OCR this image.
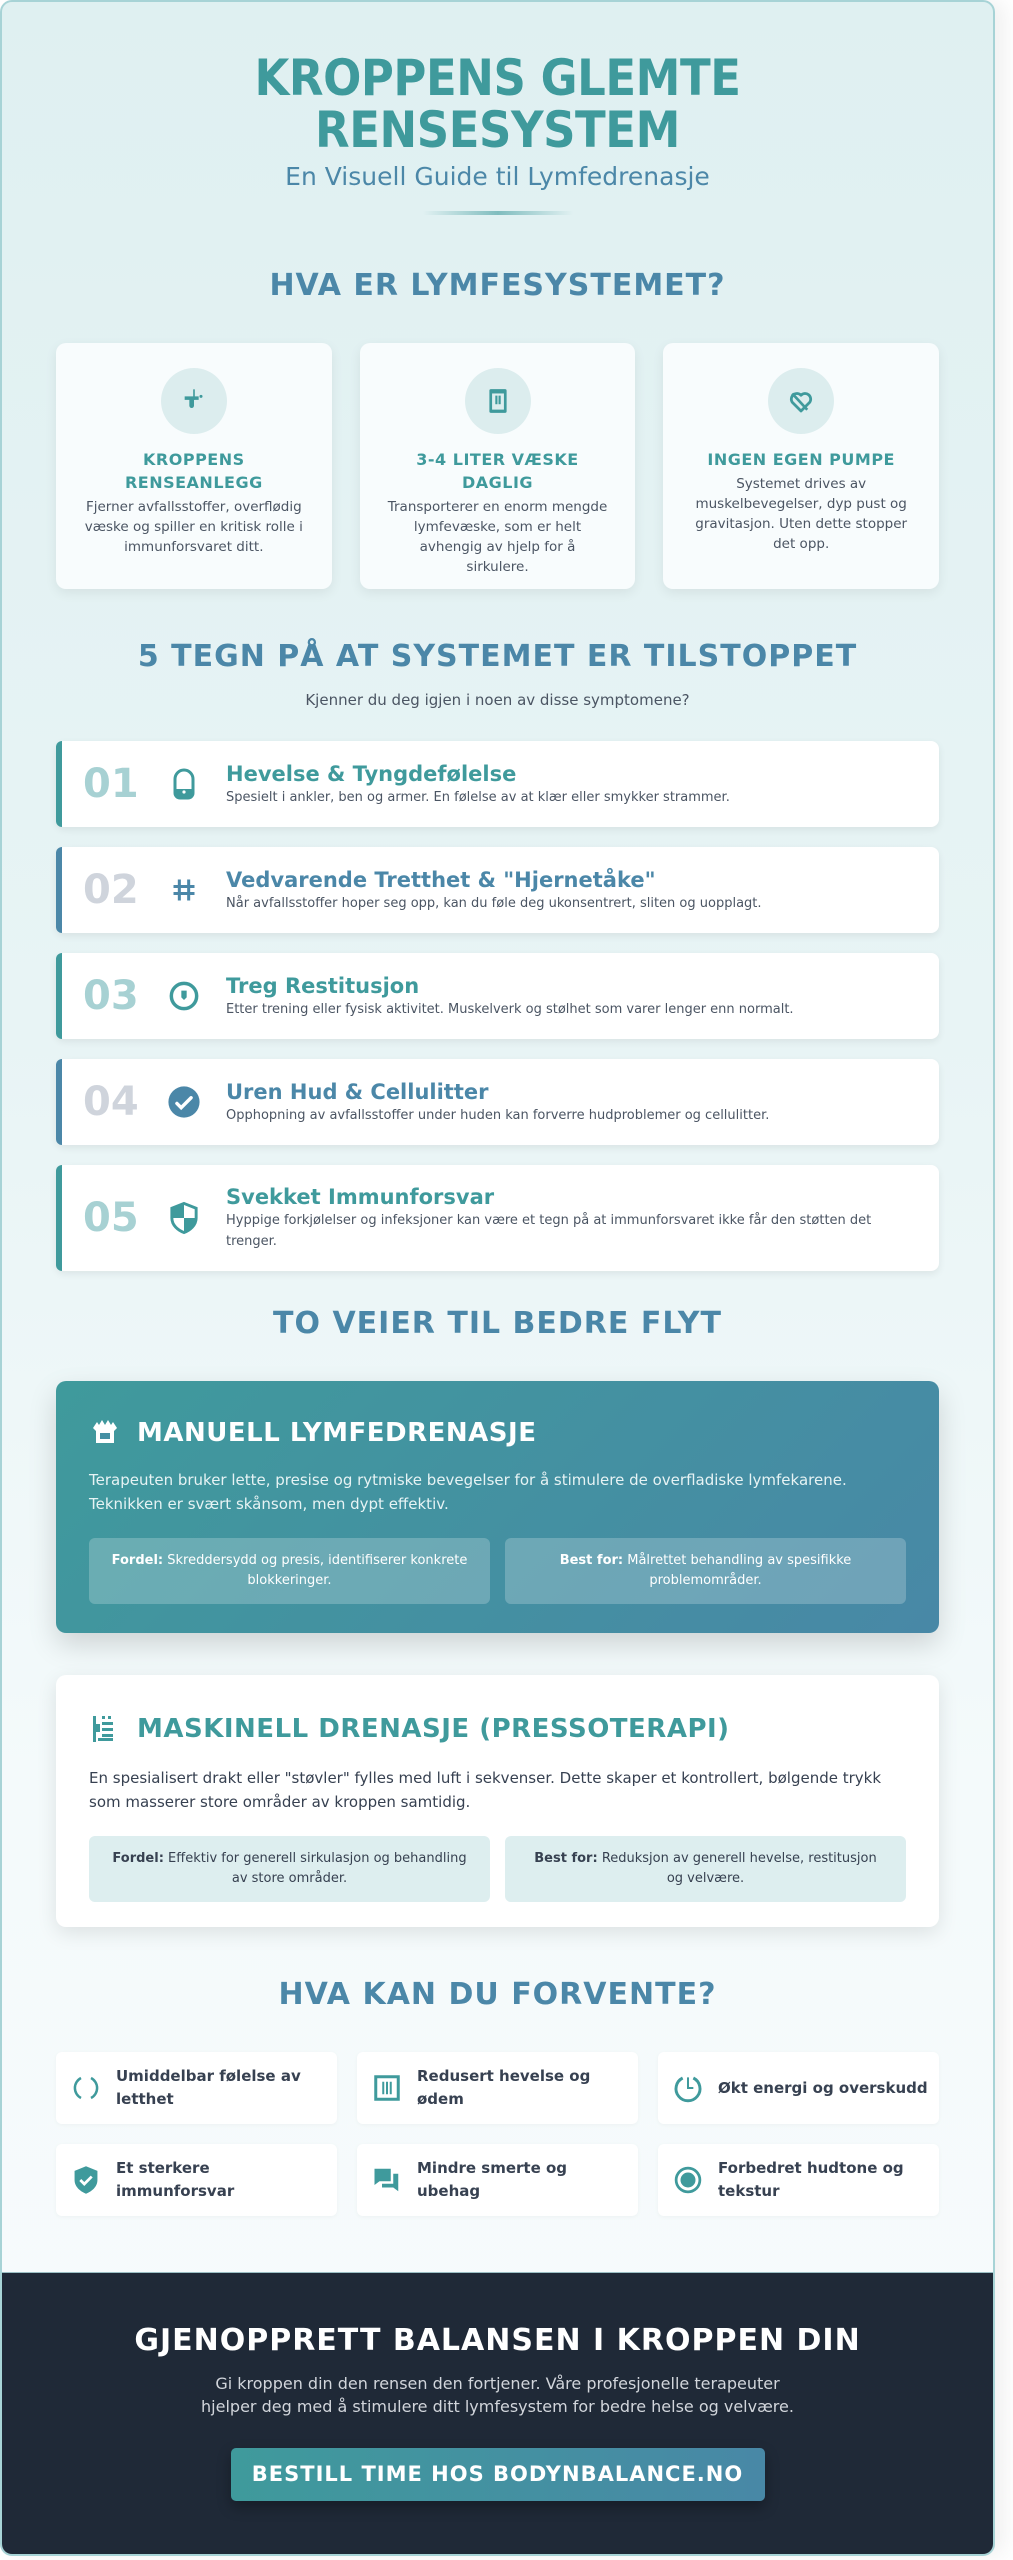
KROPPENS GLEMTE
RENSESYSTEM
En Visuell Guide til Lymfedrenasje
HVA ER LYMFESYSTEMET?
KROPPENS RENSEANLEGG
Fjerner avfallsstoffer, overflødig væske og spiller en kritisk rolle i immunforsvaret ditt.
3-4 LITER VÆSKE DAGLIG
Transporterer en enorm mengde lymfevæske, som er helt avhengig av hjelp for å sirkulere.
INGEN EGEN PUMPE
Systemet drives av muskelbevegelser, dyp pust og gravitasjon. Uten dette stopper det opp.
5 TEGN PÅ AT SYSTEMET ER TILSTOPPET
Kjenner du deg igjen i noen av disse symptomene?
01	Hevelse & Tyngdefølelse
Spesielt i ankler, ben og armer. En følelse av at klær eller smykker strammer.
02	Vedvarende Tretthet & "Hjernetåke"
Når avfallsstoffer hoper seg opp, kan du føle deg ukonsentrert, sliten og uopplagt.
03	Treg Restitusjon
Etter trening eller fysisk aktivitet. Muskelverk og stølhet som varer lenger enn normalt.
04	Uren Hud & Cellulitter
Opphopning av avfallsstoffer under huden kan forverre hudproblemer og cellulitter.
05	Svekket Immunforsvar
Hyppige forkjølelser og infeksjoner kan være et tegn på at immunforsvaret ikke får den støtten det trenger.
TO VEIER TIL BEDRE FLYT
MANUELL LYMFEDRENASJE

Terapeuten bruker lette, presise og rytmiske bevegelser for å stimulere de overfladiske lymfekarene. Teknikken er svært skånsom, men dypt effektiv.

Fordel: Skreddersydd og presis, identifiserer konkrete blokkeringer.
Best for: Målrettet behandling av spesifikke problemområder.
MASKINELL DRENASJE (PRESSOTERAPI)

En spesialisert drakt eller "støvler" fylles med luft i sekvenser. Dette skaper et kontrollert, bølgende trykk som masserer store områder av kroppen samtidig.

Fordel: Effektiv for generell sirkulasjon og behandling av store områder.
Best for: Reduksjon av generell hevelse, restitusjon og velvære.
HVA KAN DU FORVENTE?
Umiddelbar følelse av letthet
Redusert hevelse og ødem
Økt energi og overskudd
Et sterkere immunforsvar
Mindre smerte og ubehag
Forbedret hudtone og tekstur
GJENOPPRETT BALANSEN I KROPPEN DIN

Gi kroppen din den rensen den fortjener. Våre profesjonelle terapeuter hjelper deg med å stimulere ditt lymfesystem for bedre helse og velvære.

BESTILL TIME HOS BODYNBALANCE.NO
